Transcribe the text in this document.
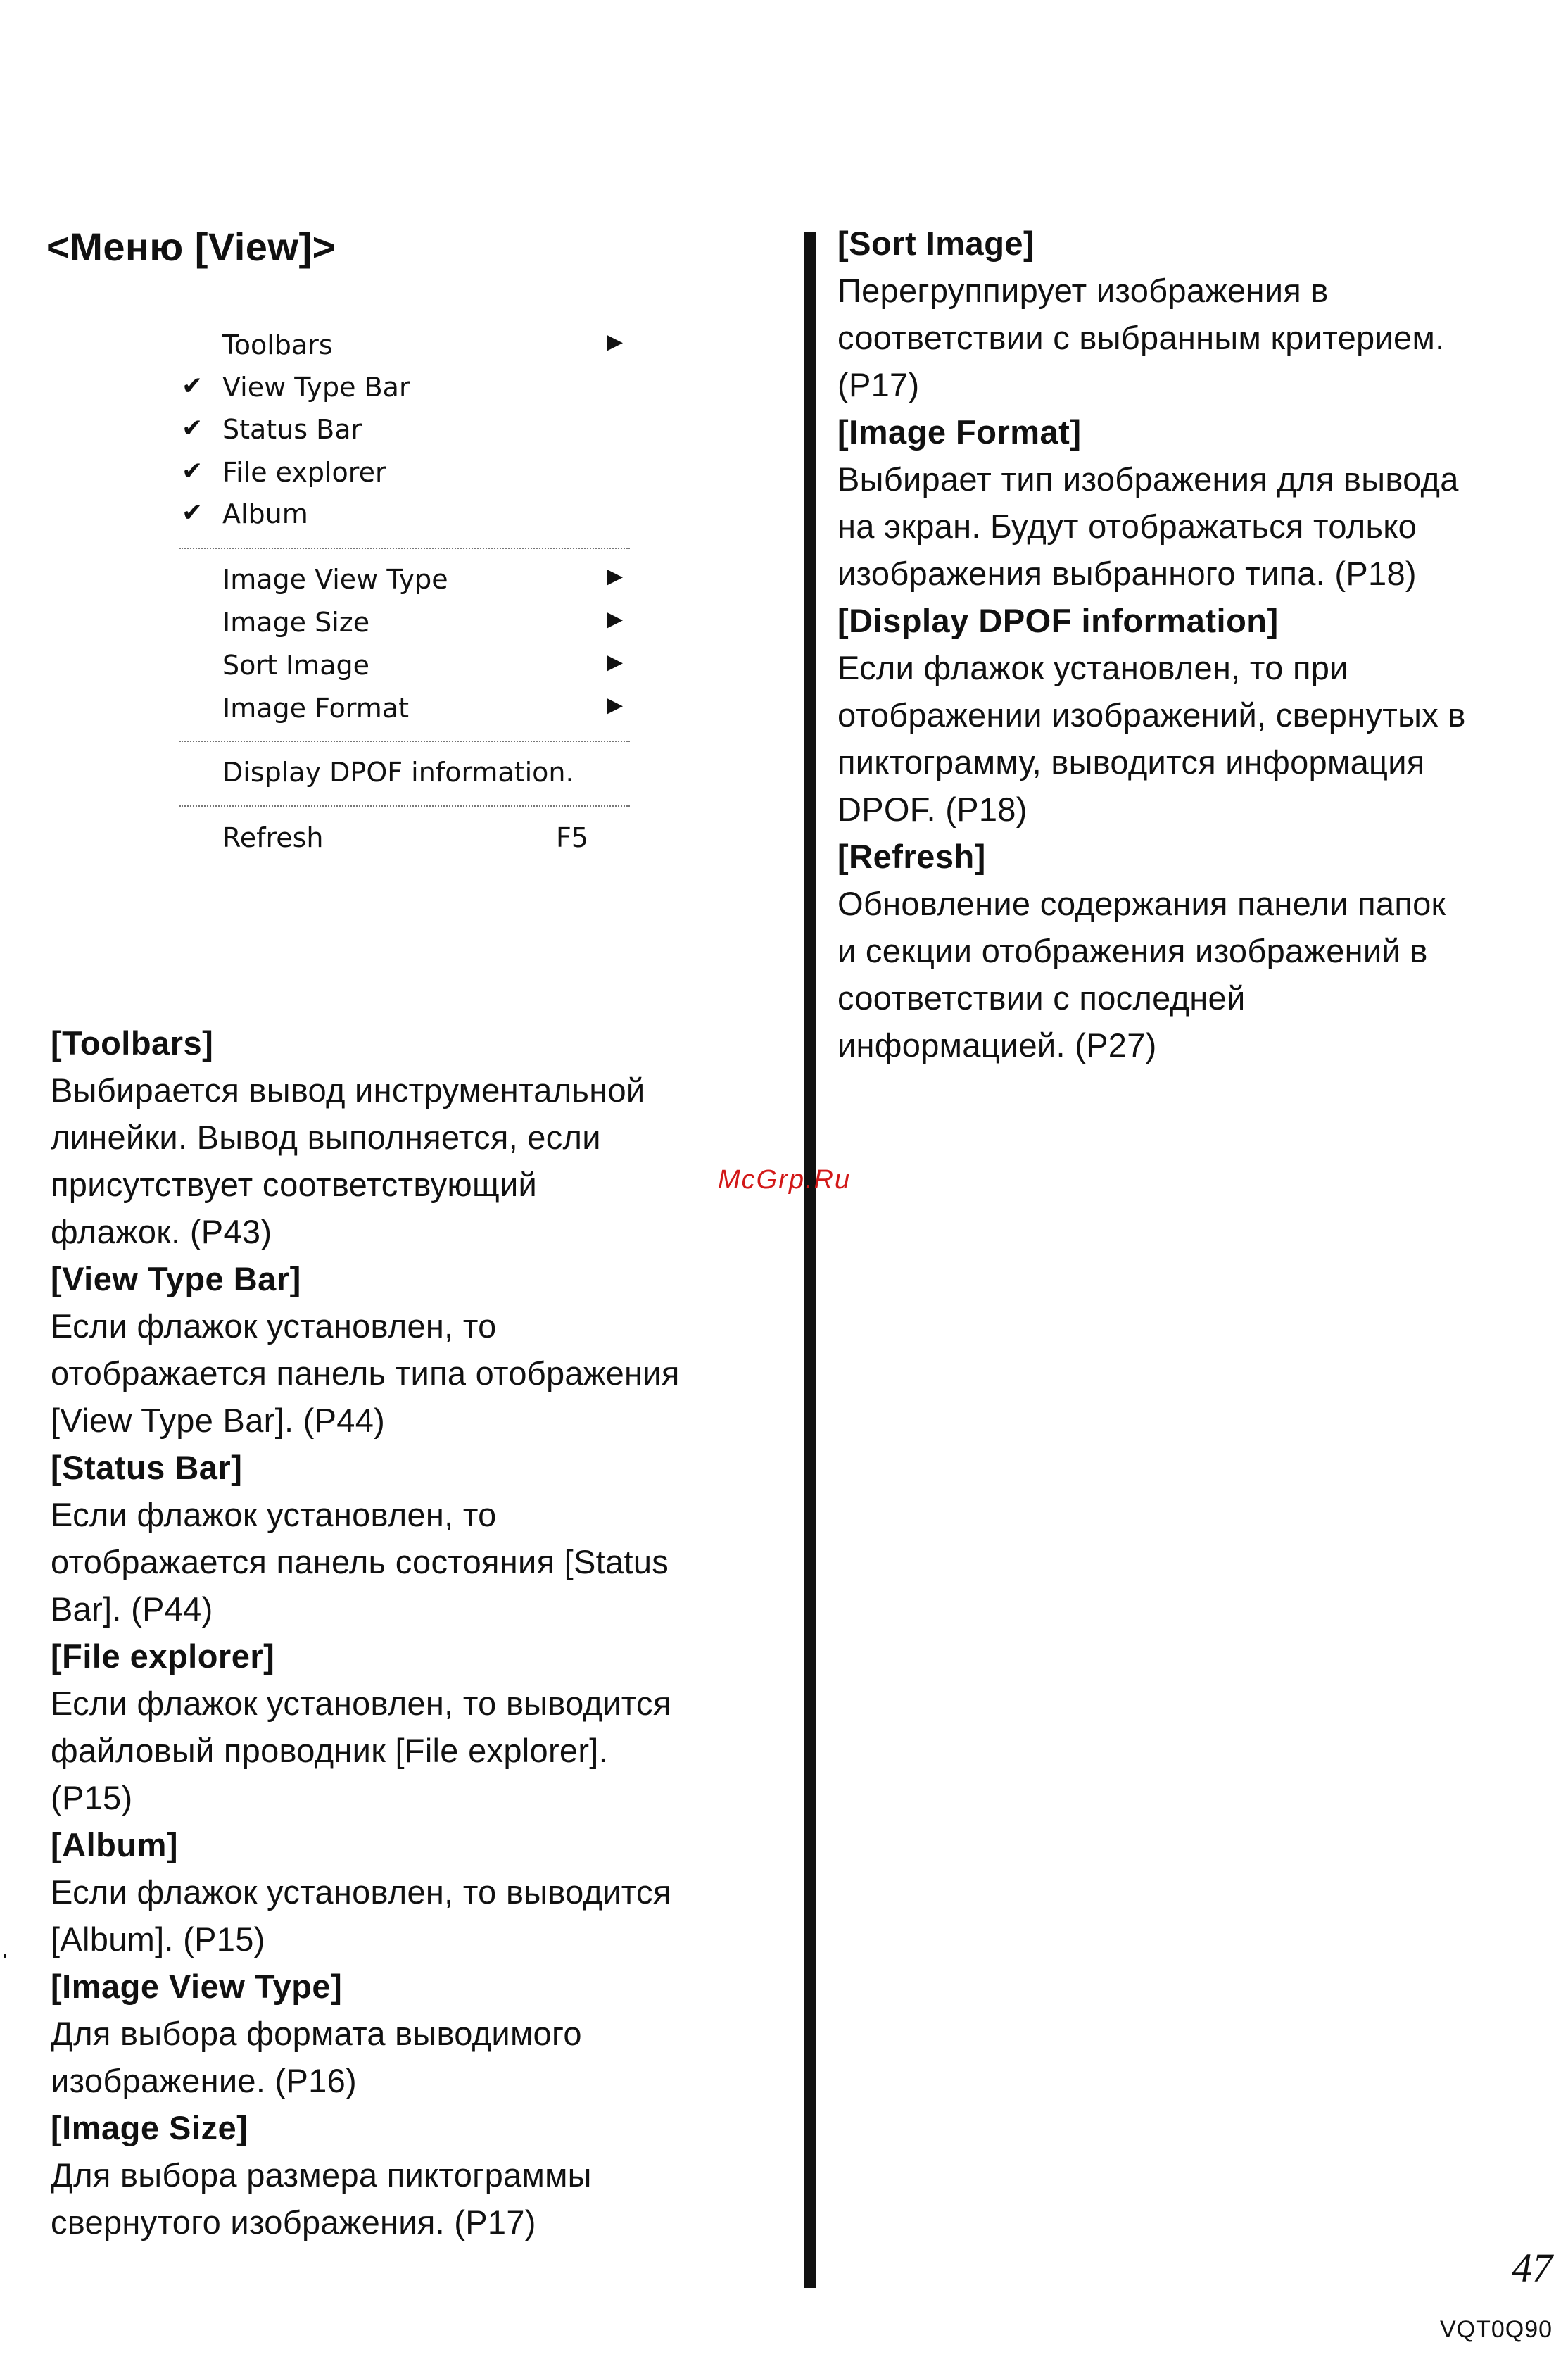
<Меню [View]>
Toolbars	▶
✔ View Type Bar
✔ Status Bar
✔ File explorer
✔ Album
Image View Type	▶
Image Size	▶
Sort Image	▶
Image Format	▶
Display DPOF information.
Refresh	F5
[Toolbars]
Выбирается вывод инструментальной
линейки. Вывод выполняется, если
присутствует соответствующий
флажок. (Р43)
[View Type Bar]
Если флажок установлен, то
отображается панель типа отображения
[View Type Bar]. (Р44)
[Status Bar]
Если флажок установлен, то
отображается панель состояния [Status
Bar]. (Р44)
[File explorer]
Если флажок установлен, то выводится
файловый проводник [File explorer].
(Р15)
[Album]
Если флажок установлен, то выводится
[Album]. (Р15)
[Image View Type]
Для выбора формата выводимого
изображение. (Р16)
[Image Size]
Для выбора размера пиктограммы
свернутого изображения. (Р17)
[Sort Image]
Перегруппирует изображения в
соответствии с выбранным критерием.
(Р17)
[Image Format]
Выбирает тип изображения для вывода
на экран. Будут отображаться только
изображения выбранного типа. (Р18)
[Display DPOF information]
Если флажок установлен, то при
отображении изображений, свернутых в
пиктограмму, выводится информация
DPOF. (Р18)
[Refresh]
Обновление содержания панели папок
и секции отображения изображений в
соответствии с последней
информацией. (Р27)
McGrp.Ru
'
47
VQT0Q90
